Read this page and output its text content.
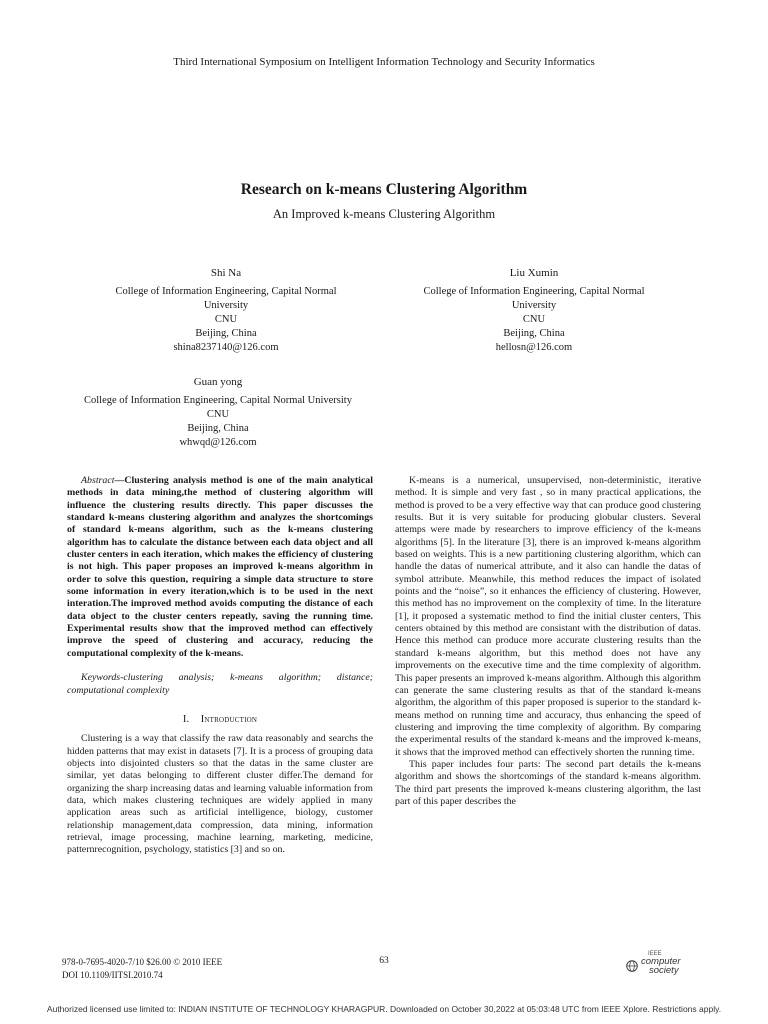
Third International Symposium on Intelligent Information Technology and Security Informatics
Research on k-means Clustering Algorithm
An Improved k-means Clustering Algorithm
Shi Na
College of Information Engineering, Capital Normal
University
CNU
Beijing, China
shina8237140@126.com
Liu Xumin
College of Information Engineering, Capital Normal
University
CNU
Beijing, China
hellosn@126.com
Guan yong
College of Information Engineering, Capital Normal University
CNU
Beijing, China
whwqd@126.com

Abstract—Clustering analysis method is one of the main analytical methods in data mining,the method of clustering algorithm will influence the clustering results directly. This paper discusses the standard k-means clustering algorithm and analyzes the shortcomings of standard k-means algorithm, such as the k-means clustering algorithm has to calculate the distance between each data object and all cluster centers in each iteration, which makes the efficiency of clustering is not high. This paper proposes an improved k-means algorithm in order to solve this question, requiring a simple data structure to store some information in every iteration,which is to be used in the next interation.The improved method avoids computing the distance of each data object to the cluster centers repeatly, saving the running time. Experimental results show that the improved method can effectively improve the speed of clustering and accuracy, reducing the computational complexity of the k-means.

Keywords-clustering analysis; k-means algorithm; distance; computational complexity

I. Introduction

Clustering is a way that classify the raw data reasonably and searchs the hidden patterns that may exist in datasets [7]. It is a process of grouping data objects into disjointed clusters so that the datas in the same cluster are similar, yet datas belonging to different cluster differ.The demand for organizing the sharp increasing datas and learning valuable information from data, which makes clustering techniques are widely applied in many application areas such as artificial intelligence, biology, customer relationship management,data compression, data mining, information retrieval, image processing, machine learning, marketing, medicine, patternrecognition, psychology, statistics [3] and so on.

K-means is a numerical, unsupervised, non-deterministic, iterative method. It is simple and very fast , so in many practical applications, the method is proved to be a very effective way that can produce good clustering results. But it is very suitable for producing globular clusters. Several attemps were made by researchers to improve efficiency of the k-means algorithms [5]. In the literature [3], there is an improved k-means algorithm based on weights. This is a new partitioning clustering algorithm, which can handle the datas of numerical attribute, and it also can handle the datas of symbol attribute. Meanwhile, this method reduces the impact of isolated points and the “noise”, so it enhances the efficiency of clustering. However, this method has no improvement on the complexity of time. In the literature [1], it proposed a systematic method to find the initial cluster centers, This centers obtained by this method are consistant with the distribution of datas. Hence this method can produce more accurate clustering results than the standard k-means algorithm, but this method does not have any improvements on the executive time and the time complexity of algorithm. This paper presents an improved k-means algorithm. Although this algorithm can generate the same clustering results as that of the standard k-means algorithm, the algorithm of this paper proposed is superior to the standard k-means method on running time and accuracy, thus enhancing the speed of clustering and improving the time complexity of algorithm. By comparing the experimental results of the standard k-means and the improved k-means, it shows that the improved method can effectively shorten the running time.

This paper includes four parts: The second part details the k-means algorithm and shows the shortcomings of the standard k-means algorithm. The third part presents the improved k-means clustering algorithm, the last part of this paper describes the

978-0-7695-4020-7/10 $26.00 © 2010 IEEE
DOI 10.1109/IITSI.2010.74
63
IEEE
computer
society
Authorized licensed use limited to: INDIAN INSTITUTE OF TECHNOLOGY KHARAGPUR. Downloaded on October 30,2022 at 05:03:48 UTC from IEEE Xplore. Restrictions apply.
